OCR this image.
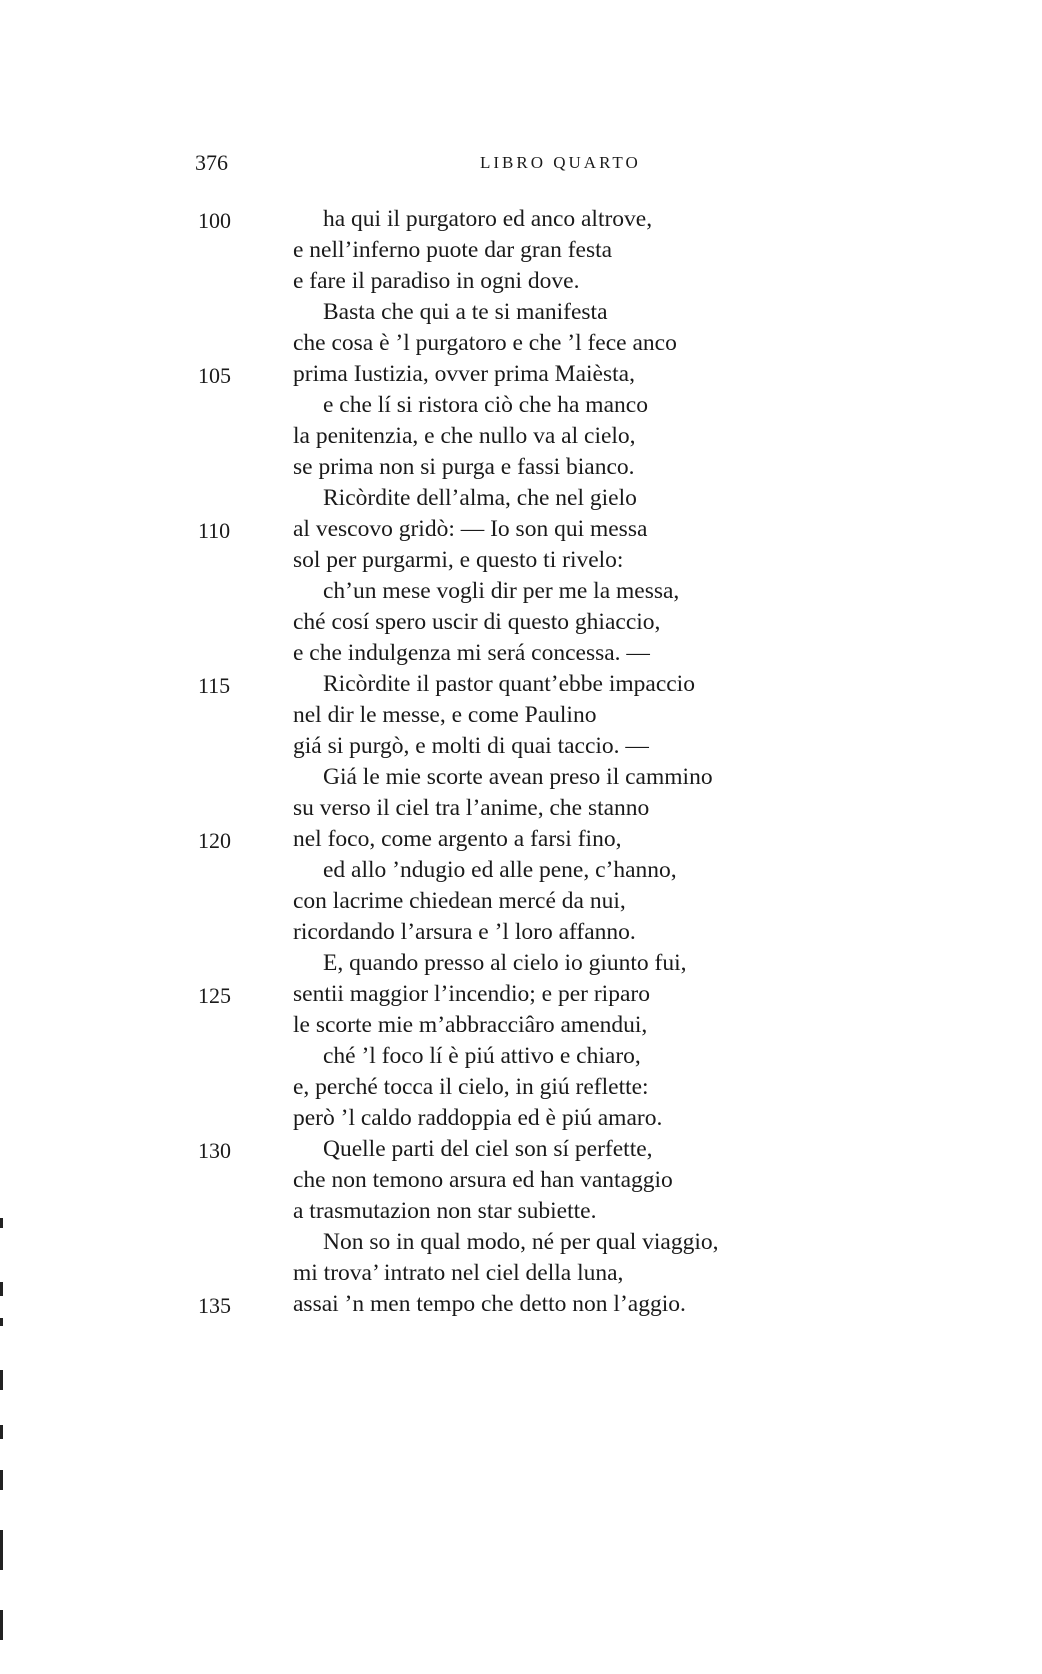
376	LIBRO QUARTO
100
105
110
115
120
125
130
135
ha qui il purgatoro ed anco altrove,
e nell’inferno puote dar gran festa
e fare il paradiso in ogni dove.
Basta che qui a te si manifesta
che cosa è ’l purgatoro e che ’l fece anco
prima Iustizia, ovver prima Maièsta,
e che lí si ristora ciò che ha manco
la penitenzia, e che nullo va al cielo,
se prima non si purga e fassi bianco.
Ricòrdite dell’alma, che nel gielo
al vescovo gridò: — Io son qui messa
sol per purgarmi, e questo ti rivelo:
ch’un mese vogli dir per me la messa,
ché cosí spero uscir di questo ghiaccio,
e che indulgenza mi será concessa. —
Ricòrdite il pastor quant’ebbe impaccio
nel dir le messe, e come Paulino
giá si purgò, e molti di quai taccio. —
Giá le mie scorte avean preso il cammino
su verso il ciel tra l’anime, che stanno
nel foco, come argento a farsi fino,
ed allo ’ndugio ed alle pene, c’hanno,
con lacrime chiedean mercé da nui,
ricordando l’arsura e ’l loro affanno.
E, quando presso al cielo io giunto fui,
sentii maggior l’incendio; e per riparo
le scorte mie m’abbracciâro amendui,
ché ’l foco lí è piú attivo e chiaro,
e, perché tocca il cielo, in giú reflette:
però ’l caldo raddoppia ed è piú amaro.
Quelle parti del ciel son sí perfette,
che non temono arsura ed han vantaggio
a trasmutazion non star subiette.
Non so in qual modo, né per qual viaggio,
mi trova’ intrato nel ciel della luna,
assai ’n men tempo che detto non l’aggio.
